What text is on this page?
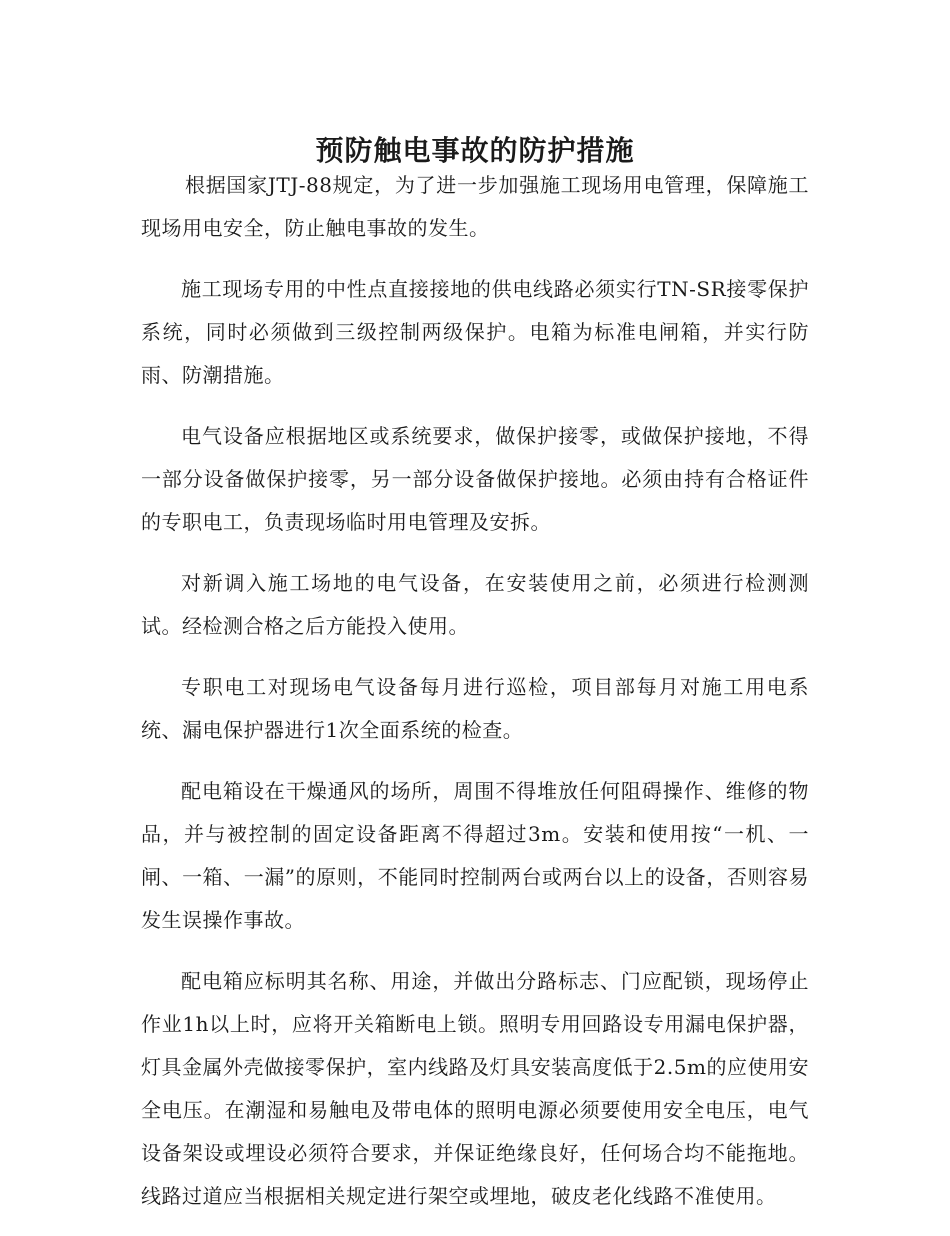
预防触电事故的防护措施

根据国家JTJ-88规定，为了进一步加强施工现场用电管理，保障施工现场用电安全，防止触电事故的发生。

施工现场专用的中性点直接接地的供电线路必须实行TN-SR接零保护系统，同时必须做到三级控制两级保护。电箱为标准电闸箱，并实行防雨、防潮措施。

电气设备应根据地区或系统要求，做保护接零，或做保护接地，不得一部分设备做保护接零，另一部分设备做保护接地。必须由持有合格证件的专职电工，负责现场临时用电管理及安拆。

对新调入施工场地的电气设备，在安装使用之前，必须进行检测测试。经检测合格之后方能投入使用。

专职电工对现场电气设备每月进行巡检，项目部每月对施工用电系统、漏电保护器进行1次全面系统的检查。

配电箱设在干燥通风的场所，周围不得堆放任何阻碍操作、维修的物品，并与被控制的固定设备距离不得超过3m。安装和使用按“一机、一闸、一箱、一漏”的原则，不能同时控制两台或两台以上的设备，否则容易发生误操作事故。

配电箱应标明其名称、用途，并做出分路标志、门应配锁，现场停止作业1h以上时，应将开关箱断电上锁。照明专用回路设专用漏电保护器，灯具金属外壳做接零保护，室内线路及灯具安装高度低于2.5m的应使用安全电压。在潮湿和易触电及带电体的照明电源必须要使用安全电压，电气设备架设或埋设必须符合要求，并保证绝缘良好，任何场合均不能拖地。线路过道应当根据相关规定进行架空或埋地，破皮老化线路不准使用。
